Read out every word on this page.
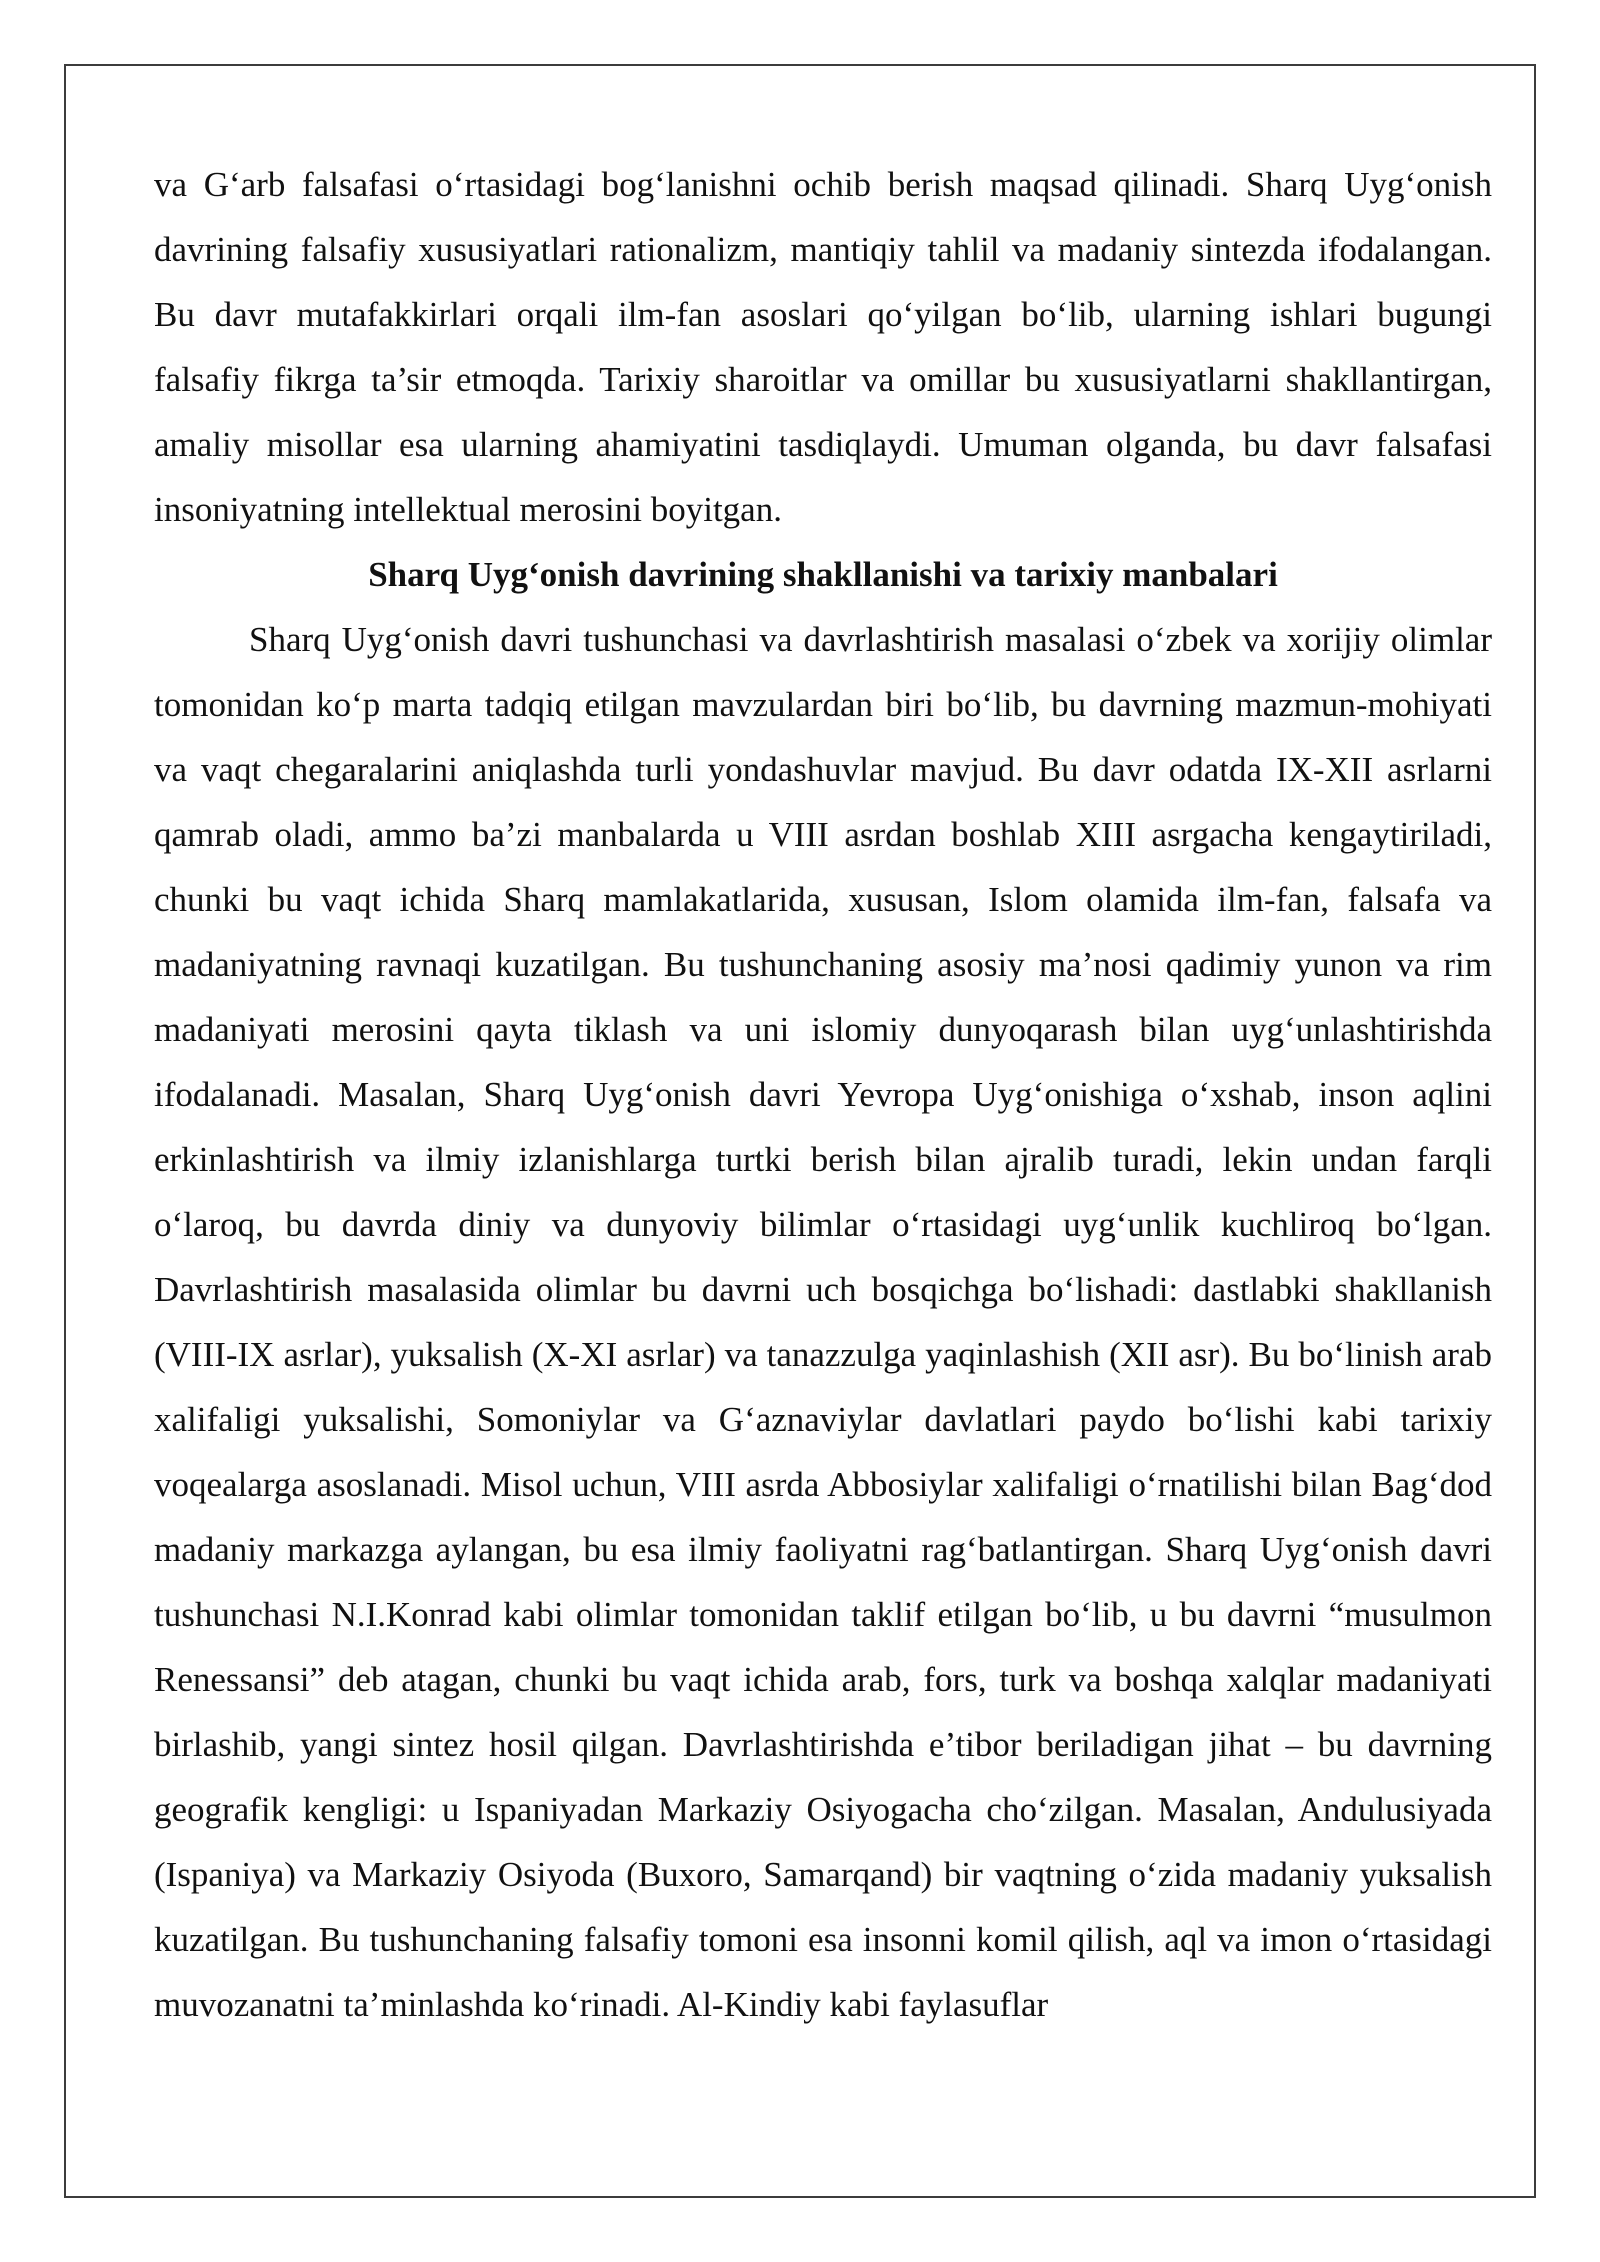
va G‘arb falsafasi o‘rtasidagi bog‘lanishni ochib berish maqsad qilinadi. Sharq Uyg‘onish davrining falsafiy xususiyatlari rationalizm, mantiqiy tahlil va madaniy sintezda ifodalangan. Bu davr mutafakkirlari orqali ilm-fan asoslari qo‘yilgan bo‘lib, ularning ishlari bugungi falsafiy fikrga ta’sir etmoqda. Tarixiy sharoitlar va omillar bu xususiyatlarni shakllantirgan, amaliy misollar esa ularning ahamiyatini tasdiqlaydi. Umuman olganda, bu davr falsafasi insoniyatning intellektual merosini boyitgan.

Sharq Uyg‘onish davrining shakllanishi va tarixiy manbalari

Sharq Uyg‘onish davri tushunchasi va davrlashtirish masalasi o‘zbek va xorijiy olimlar tomonidan ko‘p marta tadqiq etilgan mavzulardan biri bo‘lib, bu davrning mazmun-mohiyati va vaqt chegaralarini aniqlashda turli yondashuvlar mavjud. Bu davr odatda IX-XII asrlarni qamrab oladi, ammo ba’zi manbalarda u VIII asrdan boshlab XIII asrgacha kengaytiriladi, chunki bu vaqt ichida Sharq mamlakatlarida, xususan, Islom olamida ilm-fan, falsafa va madaniyatning ravnaqi kuzatilgan. Bu tushunchaning asosiy ma’nosi qadimiy yunon va rim madaniyati merosini qayta tiklash va uni islomiy dunyoqarash bilan uyg‘unlashtirishda ifodalanadi. Masalan, Sharq Uyg‘onish davri Yevropa Uyg‘onishiga o‘xshab, inson aqlini erkinlashtirish va ilmiy izlanishlarga turtki berish bilan ajralib turadi, lekin undan farqli o‘laroq, bu davrda diniy va dunyoviy bilimlar o‘rtasidagi uyg‘unlik kuchliroq bo‘lgan. Davrlashtirish masalasida olimlar bu davrni uch bosqichga bo‘lishadi: dastlabki shakllanish (VIII-IX asrlar), yuksalish (X-XI asrlar) va tanazzulga yaqinlashish (XII asr). Bu bo‘linish arab xalifaligi yuksalishi, Somoniylar va G‘aznaviylar davlatlari paydo bo‘lishi kabi tarixiy voqealarga asoslanadi. Misol uchun, VIII asrda Abbosiylar xalifaligi o‘rnatilishi bilan Bag‘dod madaniy markazga aylangan, bu esa ilmiy faoliyatni rag‘batlantirgan. Sharq Uyg‘onish davri tushunchasi N.I.Konrad kabi olimlar tomonidan taklif etilgan bo‘lib, u bu davrni “musulmon Renessansi” deb atagan, chunki bu vaqt ichida arab, fors, turk va boshqa xalqlar madaniyati birlashib, yangi sintez hosil qilgan. Davrlashtirishda e’tibor beriladigan jihat – bu davrning geografik kengligi: u Ispaniyadan Markaziy Osiyogacha cho‘zilgan. Masalan, Andulusiyada (Ispaniya) va Markaziy Osiyoda (Buxoro, Samarqand) bir vaqtning o‘zida madaniy yuksalish kuzatilgan. Bu tushunchaning falsafiy tomoni esa insonni komil qilish, aql va imon o‘rtasidagi muvozanatni ta’minlashda ko‘rinadi. Al-Kindiy kabi faylasuflar
